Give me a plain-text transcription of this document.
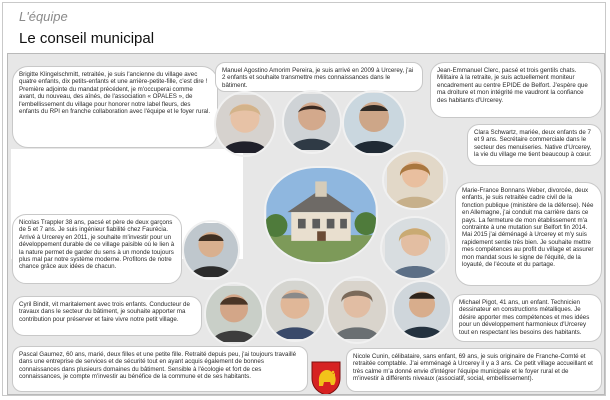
L'équipe
Le conseil municipal
Brigitte Klingelschmitt, retraitée, je suis l'ancienne du village avec quatre enfants, dix petits-enfants et une arrière-petite-fille, c'est dire ! Première adjointe du mandat précédent, je m'occuperai comme avant, du nouveau, des aînés, de l'association « OPALES », de l'embellissement du village pour honorer notre label fleurs, des enfants du RPI en franche collaboration avec l'équipe et le foyer rural.
Manuel Agostino Amorim Pereira, je suis arrivé en 2009 à Urcerey, j'ai 2 enfants et souhaite transmettre mes connaissances dans le bâtiment.
Jean-Emmanuel Clerc, pacsé et trois gentils chats. Militaire à la retraite, je suis actuellement moniteur encadrement au centre EPIDE de Belfort. J'espère que ma droiture et mon intégrité me vaudront la confiance des habitants d'Urcerey.
Clara Schwartz, mariée, deux enfants de 7 et 9 ans. Secrétaire commerciale dans le secteur des menuiseries. Native d'Urcerey, la vie du village me tient beaucoup à cœur.
Marie-France Bonnans Weber, divorcée, deux enfants, je suis retraitée cadre civil de la fonction publique (ministère de la défense). Née en Allemagne, j'ai conduit ma carrière dans ce pays. La fermeture de mon établissement m'a contrainte à une mutation sur Belfort fin 2014. Mai 2015 j'ai déménagé à Urcerey et m'y suis rapidement sentie très bien. Je souhaite mettre mes compétences au profit du village et assurer mon mandat sous le signe de l'équité, de la loyauté, de l'écoute et du partage.
Nicolas Trappler 38 ans, pacsé et père de deux garçons de 5 et 7 ans. Je suis ingénieur fiabilité chez Faurécia. Arrivé à Urcerey en 2011, je souhaite m'investir pour un développement durable de ce village paisible où le lien à la nature permet de garder du sens à un monde toujours plus mal par notre système moderne. Profitons de notre chance grâce aux idées de chacun.
Cyril Bindit, vit maritalement avec trois enfants. Conducteur de travaux dans le secteur du bâtiment, je souhaite apporter ma contribution pour préserver et faire vivre notre petit village.
Michael Pigot, 41 ans, un enfant. Technicien dessinateur en constructions métalliques. Je désire apporter mes compétences et mes idées pour un développement harmonieux d'Urcerey tout en respectant les besoins des habitants.
Pascal Gaumez, 60 ans, marié, deux filles et une petite fille. Retraité depuis peu, j'ai toujours travaillé dans une entreprise de services et de sécurité tout en ayant acquis également de bonnes connaissances dans plusieurs domaines du bâtiment. Sensible à l'écologie et fort de ces connaissances, je compte m'investir au bénéfice de la commune et de ses habitants.
Nicole Cunin, célibataire, sans enfant, 69 ans, je suis originaire de Franche-Comté et retraitée comptable. J'ai emménagé à Urcerey il y a 3 ans. Ce petit village accueillant et très calme m'a donné envie d'intégrer l'équipe municipale et le foyer rural et de m'investir à différents niveaux (associatif, social, embellissement).
